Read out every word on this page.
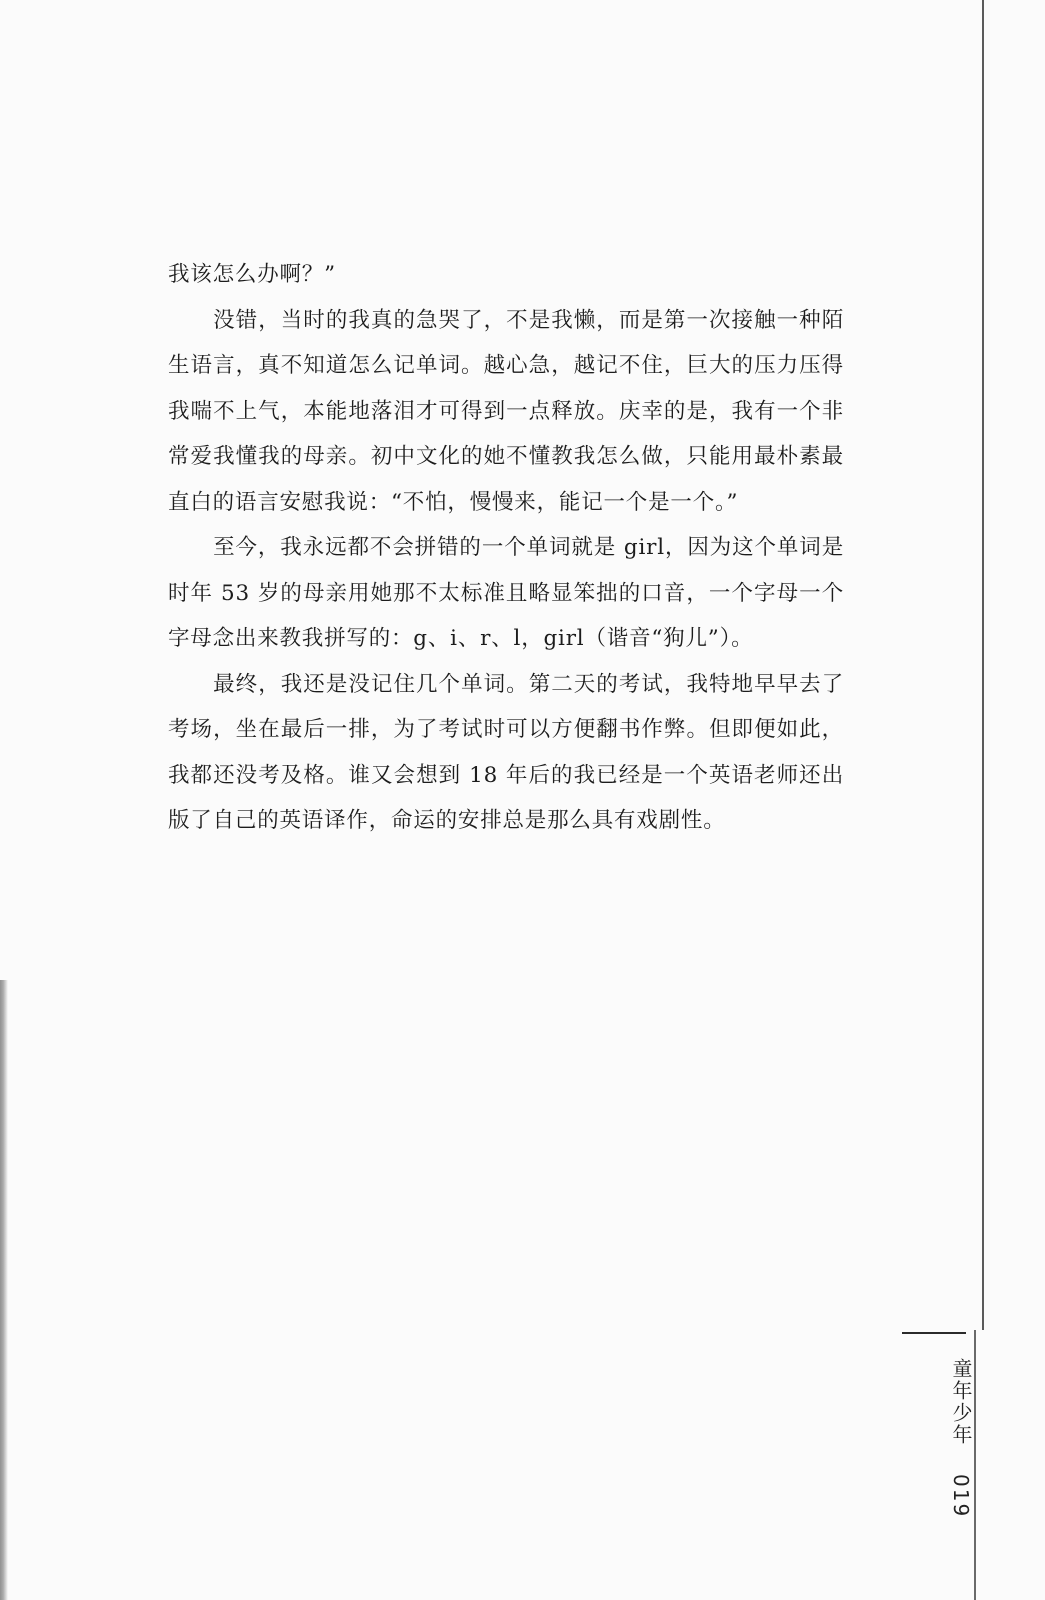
我该怎么办啊？”

没错，当时的我真的急哭了，不是我懒，而是第一次接触一种陌生语言，真不知道怎么记单词。越心急，越记不住，巨大的压力压得我喘不上气，本能地落泪才可得到一点释放。庆幸的是，我有一个非常爱我懂我的母亲。初中文化的她不懂教我怎么做，只能用最朴素最直白的语言安慰我说：“不怕，慢慢来，能记一个是一个。”

至今，我永远都不会拼错的一个单词就是 girl，因为这个单词是时年 53 岁的母亲用她那不太标准且略显笨拙的口音，一个字母一个字母念出来教我拼写的：g、i、r、l，girl（谐音“狗儿”）。

最终，我还是没记住几个单词。第二天的考试，我特地早早去了考场，坐在最后一排，为了考试时可以方便翻书作弊。但即便如此，我都还没考及格。谁又会想到 18 年后的我已经是一个英语老师还出版了自己的英语译作，命运的安排总是那么具有戏剧性。

童年少年
019
